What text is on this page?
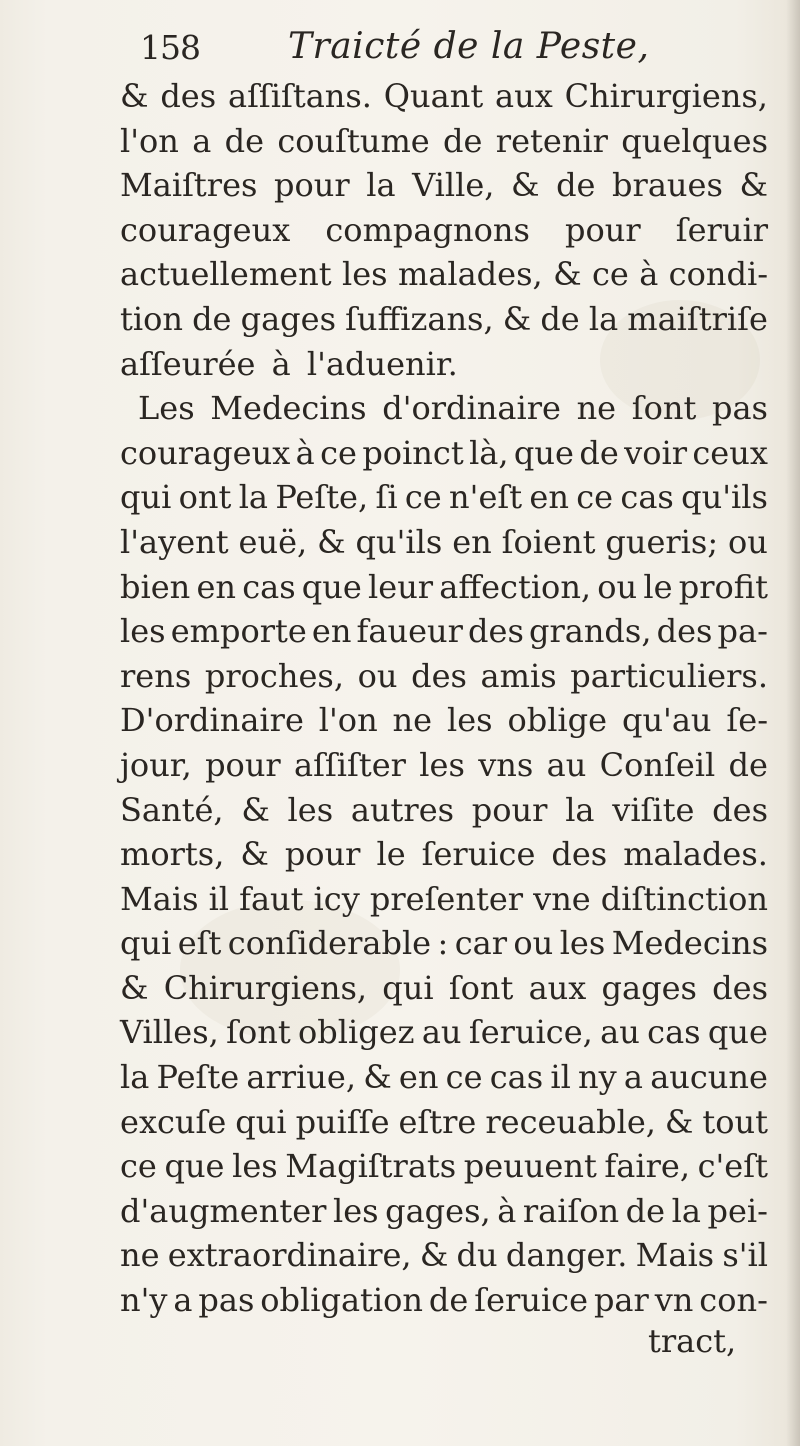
158 Traicté de la Peste,
& des aſſiſtans. Quant aux Chirurgiens,
l'on a de couſtume de retenir quelques
Maiſtres pour la Ville, & de braues &
courageux compagnons pour ſeruir
actuellement les malades, & ce à condi-
tion de gages ſuffizans, & de la maiſtriſe
aſſeurée à l'aduenir.
Les Medecins d'ordinaire ne ſont pas
courageux à ce poinct là, que de voir ceux
qui ont la Peſte, ſi ce n'eſt en ce cas qu'ils
l'ayent euë, & qu'ils en ſoient gueris; ou
bien en cas que leur affection, ou le profit
les emporte en faueur des grands, des pa-
rens proches, ou des amis particuliers.
D'ordinaire l'on ne les oblige qu'au ſe-
jour, pour aſſiſter les vns au Conſeil de
Santé, & les autres pour la viſite des
morts, & pour le ſeruice des malades.
Mais il faut icy preſenter vne diſtinction
qui eſt conſiderable : car ou les Medecins
& Chirurgiens, qui ſont aux gages des
Villes, ſont obligez au ſeruice, au cas que
la Peſte arriue, & en ce cas il ny a aucune
excuſe qui puiſſe eſtre receuable, & tout
ce que les Magiſtrats peuuent faire, c'eſt
d'augmenter les gages, à raiſon de la pei-
ne extraordinaire, & du danger. Mais s'il
n'y a pas obligation de ſeruice par vn con-
tract,
